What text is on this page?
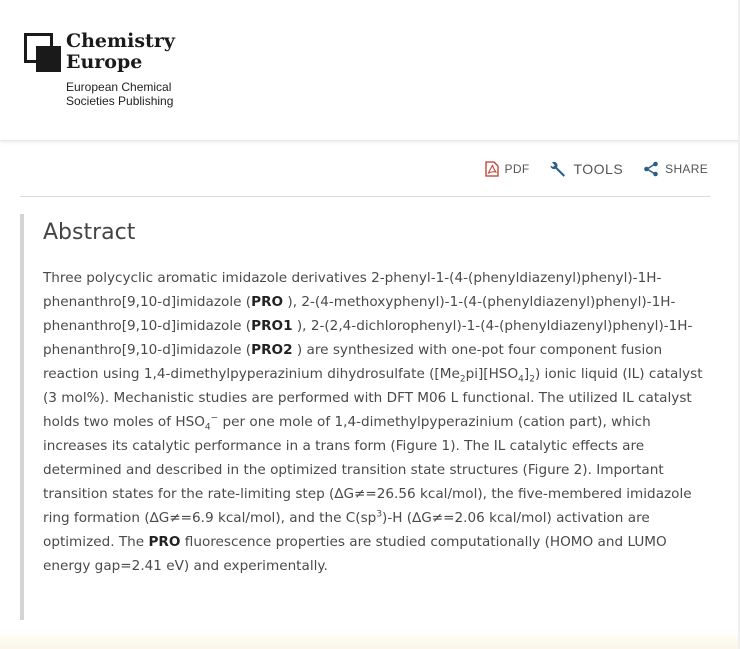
Chemistry
Europe
European Chemical
Societies Publishing
PDF	TOOLS	SHARE
Abstract

Three polycyclic aromatic imidazole derivatives 2-phenyl-1-(4-(phenyldiazenyl)phenyl)-1H-phenanthro[9,10-d]imidazole (PRO ), 2-(4-methoxyphenyl)-1-(4-(phenyldiazenyl)phenyl)-1H-phenanthro[9,10-d]imidazole (PRO1 ), 2-(2,4-dichlorophenyl)-1-(4-(phenyldiazenyl)phenyl)-1H-phenanthro[9,10-d]imidazole (PRO2 ) are synthesized with one-pot four component fusion reaction using 1,4-dimethylpyperazinium dihydrosulfate $([Me_2pi][HSO_4]_2)$ ionic liquid (IL) catalyst (3 mol%). Mechanistic studies are performed with DFT M06 L functional. The utilized IL catalyst holds two moles of $HSO_4^-$ per one mole of 1,4-dimethylpyperazinium (cation part), which increases its catalytic performance in a trans form (Figure 1). The IL catalytic effects are determined and described in the optimized transition state structures (Figure 2). Important transition states for the rate-limiting step (∆G≠=26.56 kcal/mol), the five-membered imidazole ring formation (∆G≠=6.9 kcal/mol), and the $C(sp^3)-H$ (∆G≠=2.06 kcal/mol) activation are optimized. The PRO fluorescence properties are studied computationally (HOMO and LUMO energy gap=2.41 eV) and experimentally.
